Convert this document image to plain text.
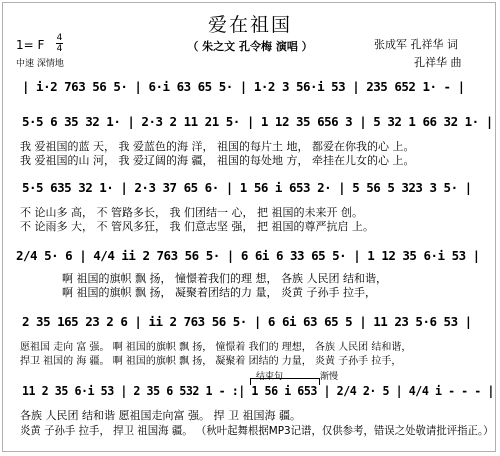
爱在祖国
（ 朱之文 孔令梅 演唱 ）	张成军 孔祥华 词
孔祥华 曲
1= F 4
4
中速 深情地
| i·2 763 56 5· | 6·i 63 65 5· | 1·2 3 56·i 53 | 235 652 1· - |
5·5 6 35 32 1· | 2·3 2 11 21 5· | 1 12 35 656 3 | 5 32 1 66 32 1· |
我 爱祖国的蓝 天， 我 爱蓝色的海 洋， 祖国的每片土 地， 都爱在你我的心 上。
我 爱祖国的山 河， 我 爱辽阔的海 疆， 祖国的每处地 方， 牵挂在儿女的心 上。
5·5 635 32 1· | 2·3 37 65 6· | 1 56 i 653 2· | 5 56 5 323 3 5· |
不 论山多 高， 不 管路多长， 我 们团结一 心， 把 祖国的未来开 创。
不 论雨多 大， 不 管风多狂， 我 们意志坚 强， 把 祖国的尊严抗启 上。
2/4 5· 6 | 4/4 ii 2 763 56 5· | 6 6i 6 33 65 5· | 1 12 35 6·i 53 |
啊 祖国的旗帜 飘 扬， 憧憬着我们的理 想， 各族 人民团 结和谐，
啊 祖国的旗帜 飘 扬， 凝聚着团结的力 量， 炎黄 子孙手 拉手，
2 35 165 23 2 6 | ii 2 763 56 5· | 6 6i 63 65 5 | 11 23 5·6 53 |
愿祖国 走向 富 强。 啊 祖国的旗帜 飘 扬， 憧憬着 我们的 理想， 各族 人民团 结和谐，
捍卫 祖国的 海 疆。 啊 祖国的旗帜 飘 扬， 凝聚着 团结的 力量， 炎黄 子孙手 拉手，
结束句	渐慢
11 2 35 6·i 53 | 2 35 6 532 1 - :| 1 56 i 653 | 2/4 2· 5 | 4/4 i - - - |
各族 人民团 结和谐 愿祖国走向富 强。 捍 卫 祖国海 疆。
炎黄 子孙手 拉手， 捍卫 祖国海 疆。 （秋叶起舞根据MP3记谱，仅供参考，错误之处敬请批评指正。）
